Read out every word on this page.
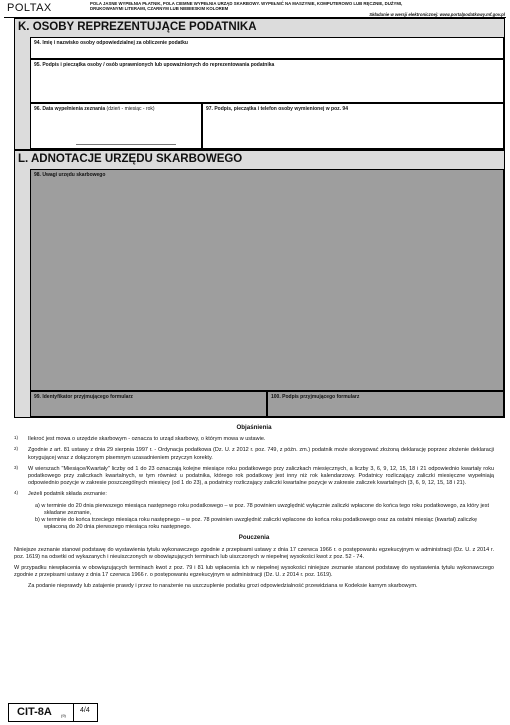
POLTAX	POLA JASNE WYPEŁNIA PŁATNIK, POLA CIEMNE WYPEŁNIA URZĄD SKARBOWY. WYPEŁNIĆ NA MASZYNIE, KOMPUTEROWO LUB RĘCZNIE, DUŻYMI,
DRUKOWANYMI LITERAMI, CZARNYM LUB NIEBIESKIM KOLOREM
Składanie w wersji elektronicznej: www.portalpodatkowy.mf.gov.pl
K. OSOBY REPREZENTUJĄCE PODATNIKA
94. Imię i nazwisko osoby odpowiedzialnej za obliczenie podatku
95. Podpis i pieczątka osoby / osób uprawnionych lub upoważnionych do reprezentowania podatnika
96. Data wypełnienia zeznania (dzień - miesiąc - rok)	97. Podpis, pieczątka i telefon osoby wymienionej w poz. 94
L. ADNOTACJE URZĘDU SKARBOWEGO
98. Uwagi urzędu skarbowego
99. Identyfikator przyjmującego formularz	100. Podpis przyjmującego formularz
Objaśnienia
1) Ilekroć jest mowa o urzędzie skarbowym - oznacza to urząd skarbowy, o którym mowa w ustawie.
2) Zgodnie z art. 81 ustawy z dnia 29 sierpnia 1997 r. - Ordynacja podatkowa (Dz. U. z 2012 r. poz. 749, z późn. zm.) podatnik może skorygować złożoną deklarację poprzez złożenie deklaracji korygującej wraz z dołączonym pisemnym uzasadnieniem przyczyn korekty.
3) W wierszach "Miesiące/Kwartały" liczby od 1 do 23 oznaczają kolejne miesiące roku podatkowego przy zaliczkach miesięcznych, a liczby 3, 6, 9, 12, 15, 18 i 21 odpowiednio kwartały roku podatkowego przy zaliczkach kwartalnych, w tym również u podatnika, którego rok podatkowy jest inny niż rok kalendarzowy. Podatnicy rozliczający zaliczki miesięczne wypełniają odpowiednio pozycje w zakresie poszczególnych miesięcy (od 1 do 23), a podatnicy rozliczający zaliczki kwartalne pozycje w zakresie zaliczek kwartalnych (3, 6, 9, 12, 15, 18 i 21).
4) Jeżeli podatnik składa zeznanie:
a) w terminie do 20 dnia pierwszego miesiąca następnego roku podatkowego – w poz. 78 powinien uwzględnić wyłącznie zaliczki wpłacone do końca tego roku podatkowego, za który jest składane zeznanie,
b) w terminie do końca trzeciego miesiąca roku następnego – w poz. 78 powinien uwzględnić zaliczki wpłacone do końca roku podatkowego oraz za ostatni miesiąc (kwartał) zaliczkę wpłaconą do 20 dnia pierwszego miesiąca roku następnego.
Pouczenia
Niniejsze zeznanie stanowi podstawę do wystawienia tytułu wykonawczego zgodnie z przepisami ustawy z dnia 17 czerwca 1966 r. o postępowaniu egzekucyjnym w administracji (Dz. U. z 2014 r. poz. 1619) na odsetki od wykazanych i nieuiszczonych w obowiązujących terminach lub uiszczonych w niepełnej wysokości kwot z poz. 52 - 74.
W przypadku niewpłacenia w obowiązujących terminach kwot z poz. 79 i 81 lub wpłacenia ich w niepełnej wysokości niniejsze zeznanie stanowi podstawę do wystawienia tytułu wykonawczego zgodnie z przepisami ustawy z dnia 17 czerwca 1966 r. o postępowaniu egzekucyjnym w administracji (Dz. U. z 2014 r. poz. 1619).
Za podanie nieprawdy lub zatajenie prawdy i przez to narażenie na uszczuplenie podatku grozi odpowiedzialność przewidziana w Kodeksie karnym skarbowym.
CIT-8A (9)
4/4
